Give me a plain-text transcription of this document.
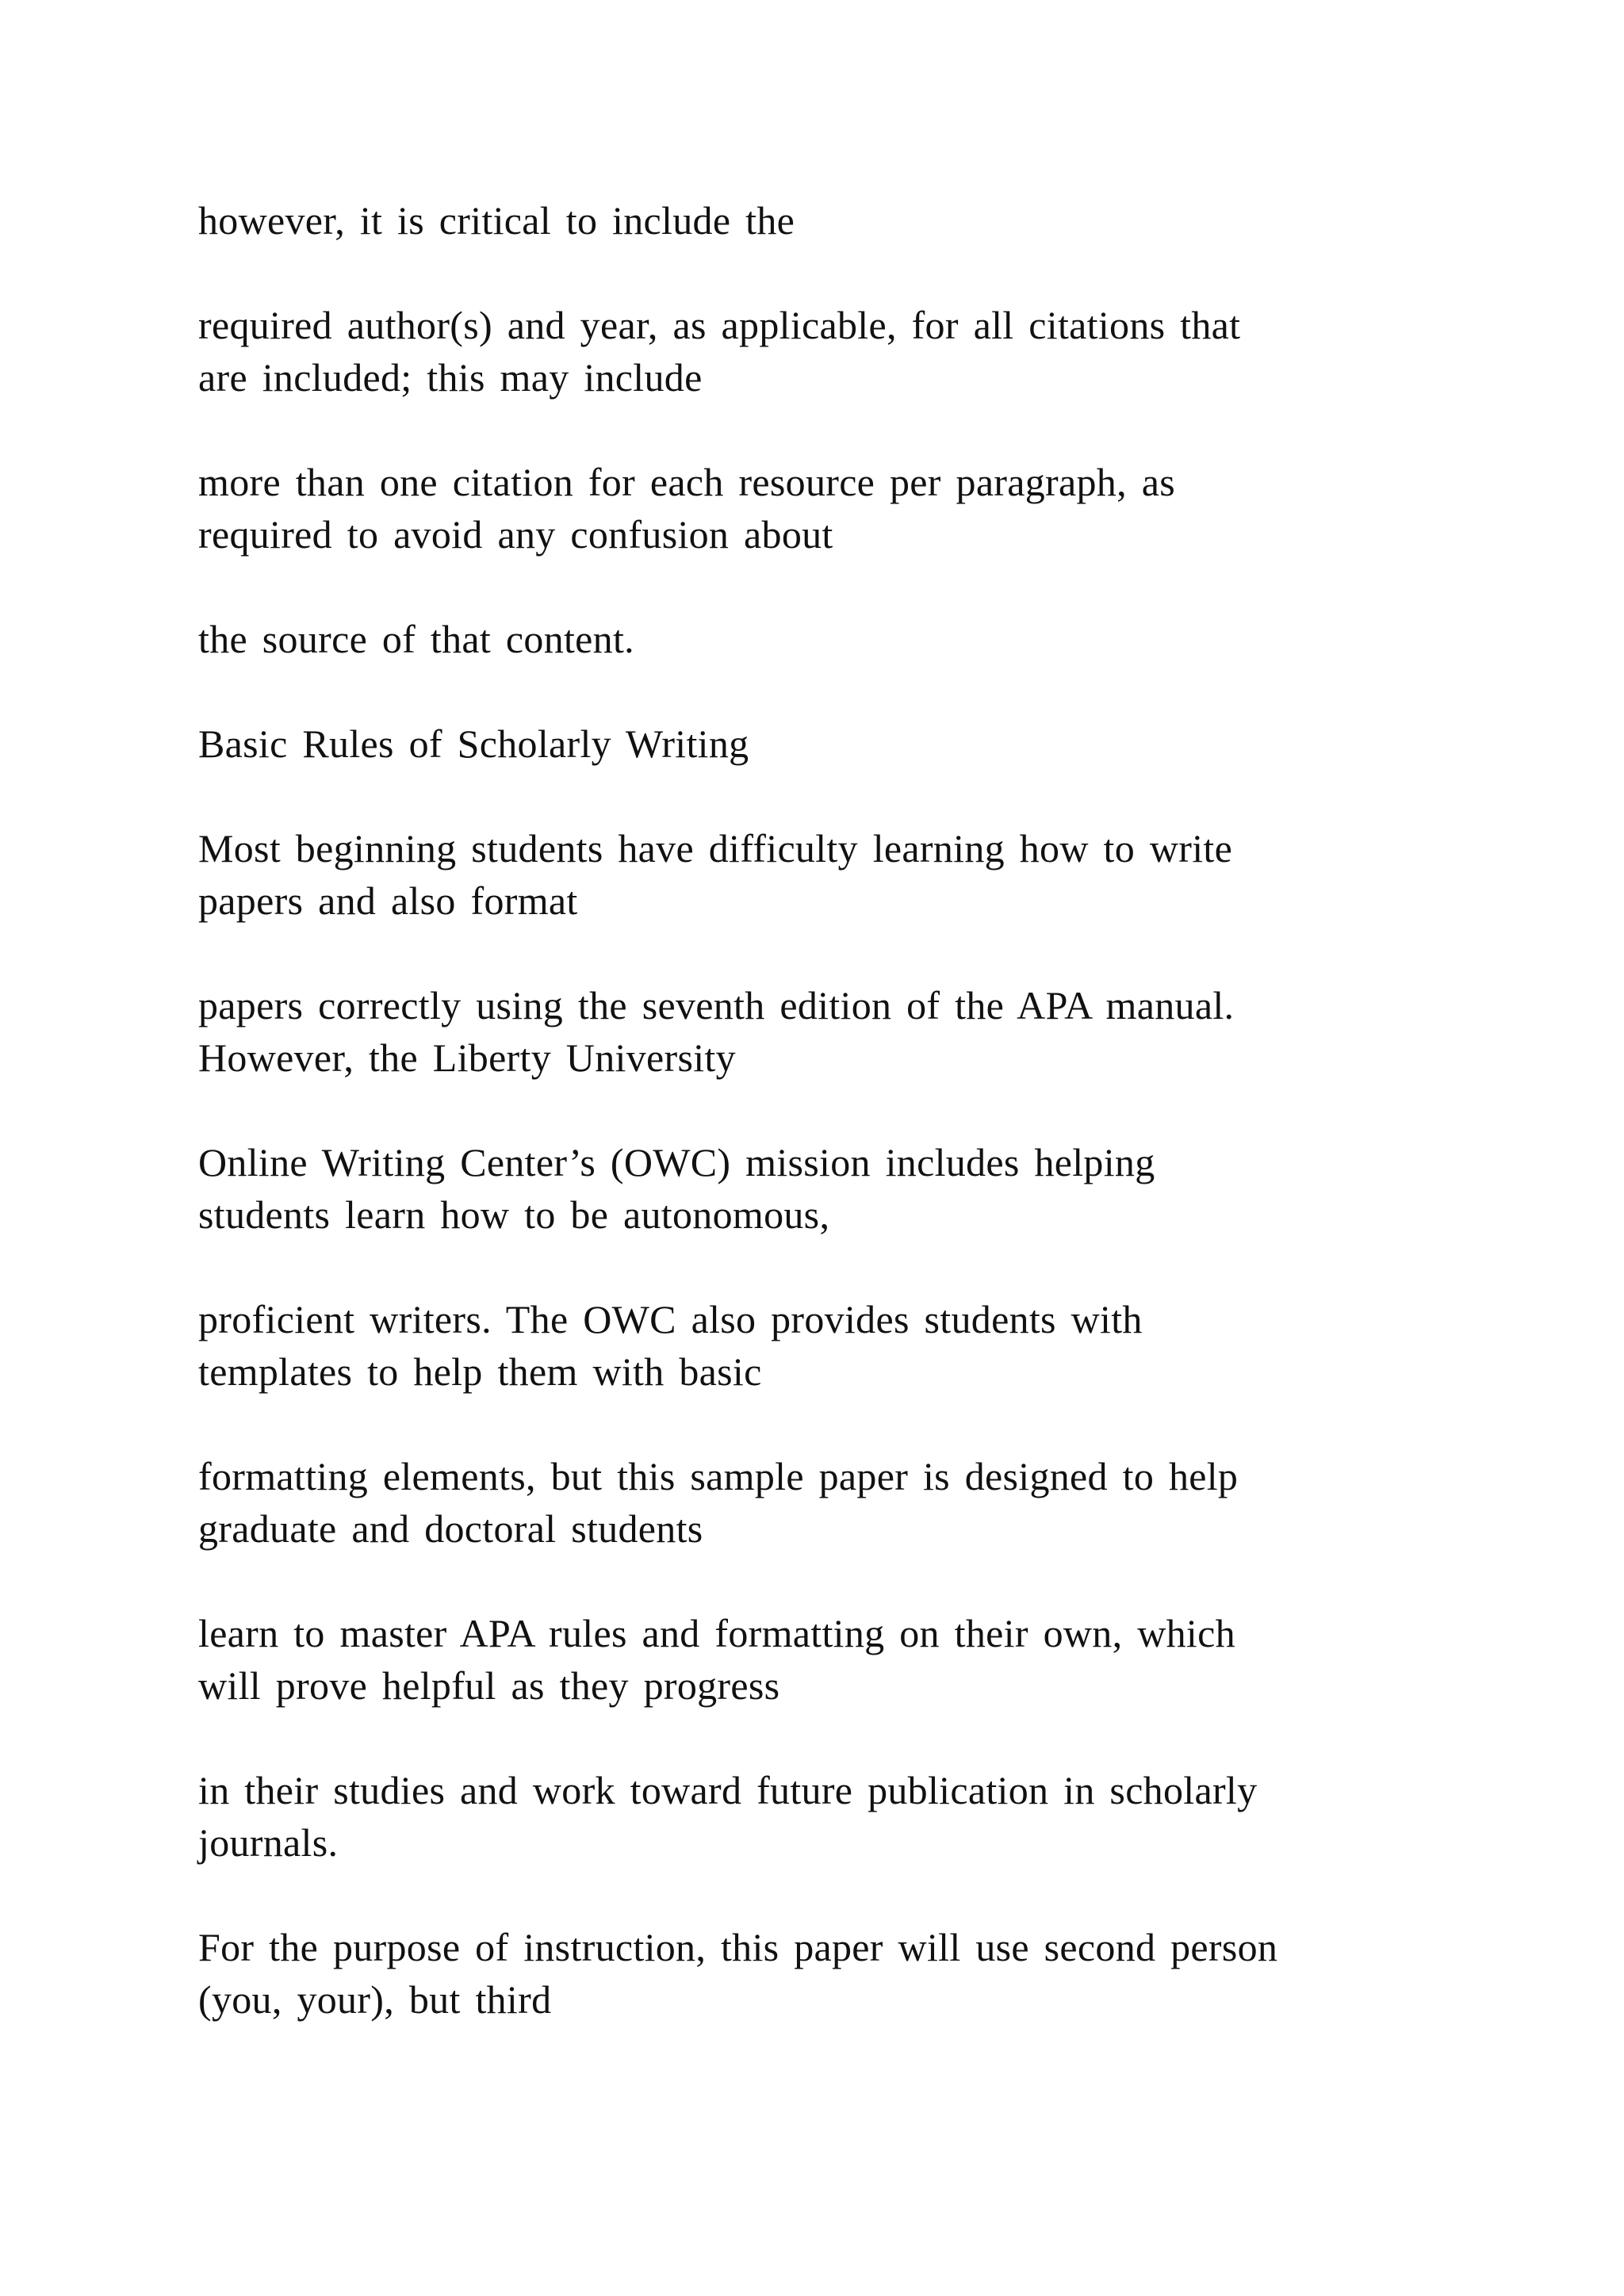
however, it is critical to include the

required author(s) and year, as applicable, for all citations that
are included; this may include

more than one citation for each resource per paragraph, as
required to avoid any confusion about

the source of that content.

Basic Rules of Scholarly Writing

Most beginning students have difficulty learning how to write
papers and also format

papers correctly using the seventh edition of the APA manual.
However, the Liberty University

Online Writing Center’s (OWC) mission includes helping
students learn how to be autonomous,

proficient writers. The OWC also provides students with
templates to help them with basic

formatting elements, but this sample paper is designed to help
graduate and doctoral students

learn to master APA rules and formatting on their own, which
will prove helpful as they progress

in their studies and work toward future publication in scholarly
journals.

For the purpose of instruction, this paper will use second person
(you, your), but third
